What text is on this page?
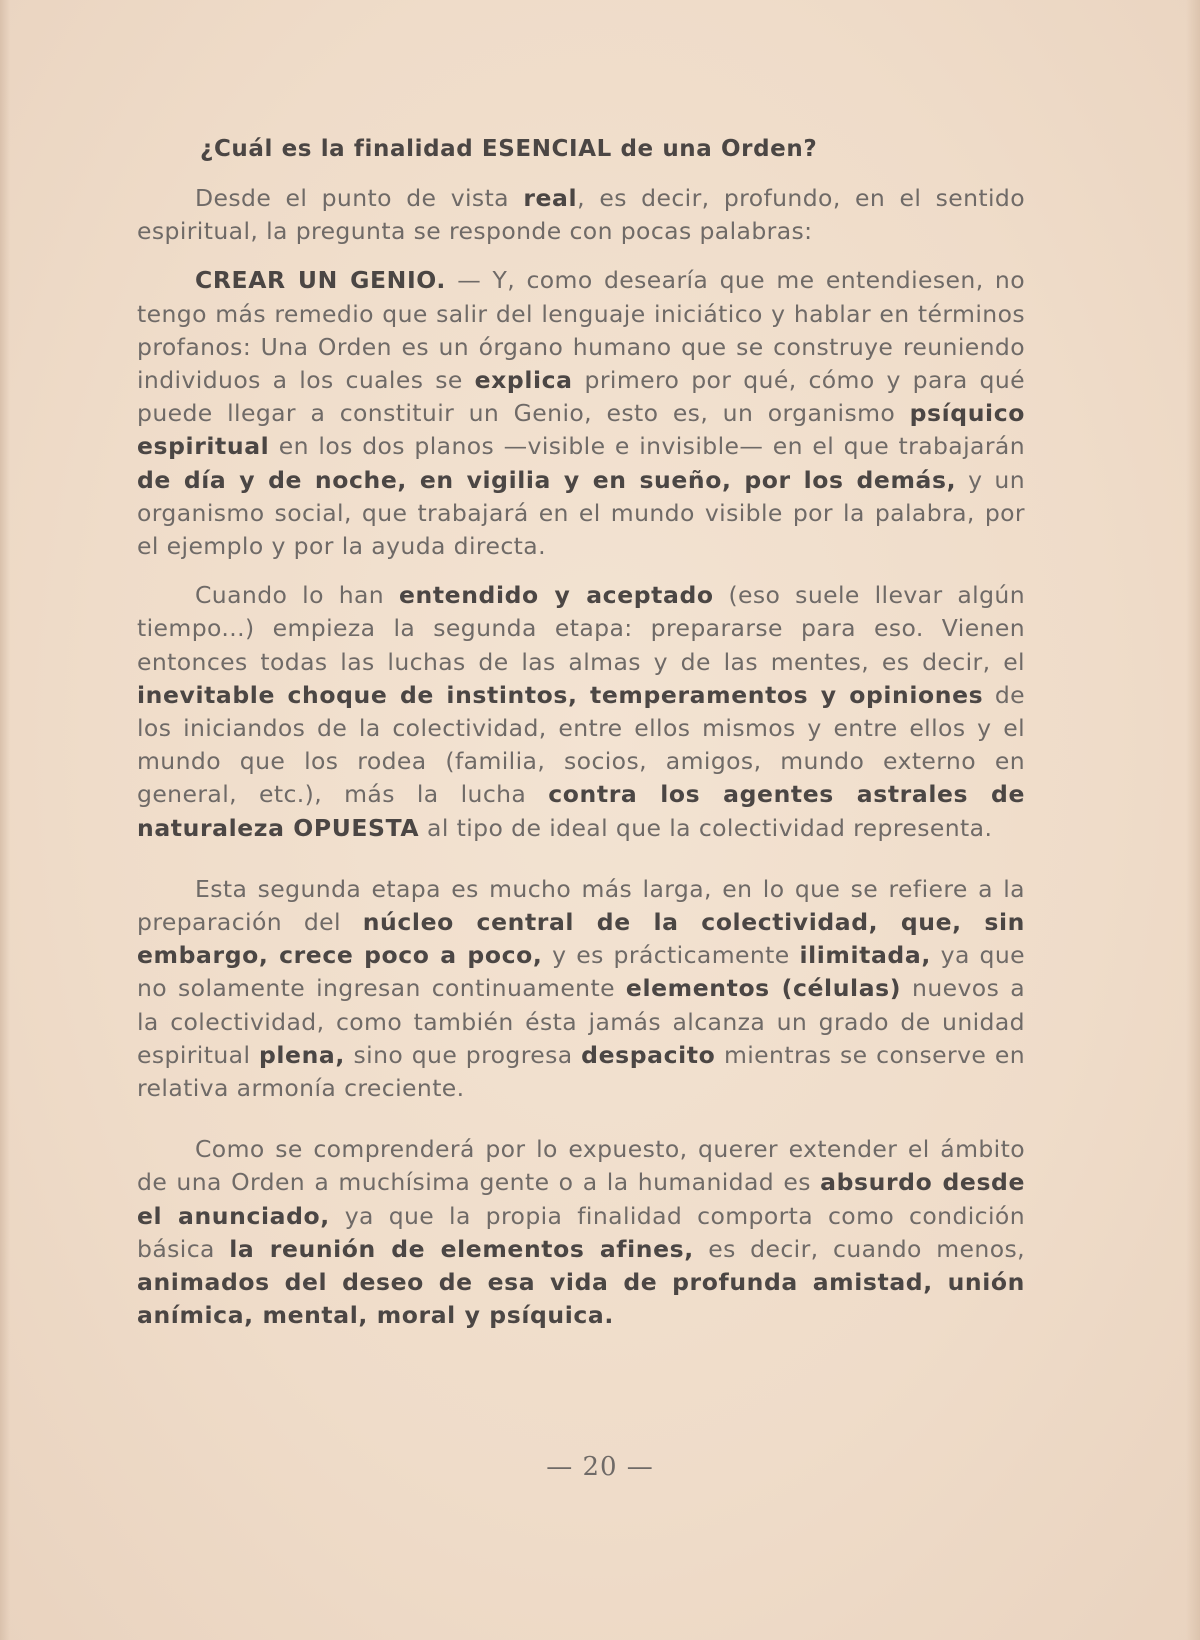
¿Cuál es la finalidad ESENCIAL de una Orden?

Desde el punto de vista real, es decir, profundo, en el sentido espiritual, la pregunta se responde con pocas palabras:

CREAR UN GENIO. — Y, como desearía que me entendiesen, no tengo más remedio que salir del lenguaje iniciático y hablar en términos profanos: Una Orden es un órgano humano que se construye reuniendo individuos a los cuales se explica primero por qué, cómo y para qué puede llegar a constituir un Genio, esto es, un organismo psíquico espiritual en los dos planos —visible e invisible— en el que trabajarán de día y de noche, en vigilia y en sueño, por los demás, y un organismo social, que trabajará en el mundo visible por la palabra, por el ejemplo y por la ayuda directa.

Cuando lo han entendido y aceptado (eso suele llevar algún tiempo...) empieza la segunda etapa: prepararse para eso. Vienen entonces todas las luchas de las almas y de las mentes, es decir, el inevitable choque de instintos, temperamentos y opiniones de los iniciandos de la colectividad, entre ellos mismos y entre ellos y el mundo que los rodea (familia, socios, amigos, mundo externo en general, etc.), más la lucha contra los agentes astrales de naturaleza OPUESTA al tipo de ideal que la colectividad representa.

Esta segunda etapa es mucho más larga, en lo que se refiere a la preparación del núcleo central de la colectividad, que, sin embargo, crece poco a poco, y es prácticamente ilimitada, ya que no solamente ingresan continuamente elementos (células) nuevos a la colectividad, como también ésta jamás alcanza un grado de unidad espiritual plena, sino que progresa despacito mientras se conserve en relativa armonía creciente.

Como se comprenderá por lo expuesto, querer extender el ámbito de una Orden a muchísima gente o a la humanidad es absurdo desde el anunciado, ya que la propia finalidad comporta como condición básica la reunión de elementos afines, es decir, cuando menos, animados del deseo de esa vida de profunda amistad, unión anímica, mental, moral y psíquica.

— 20 —
